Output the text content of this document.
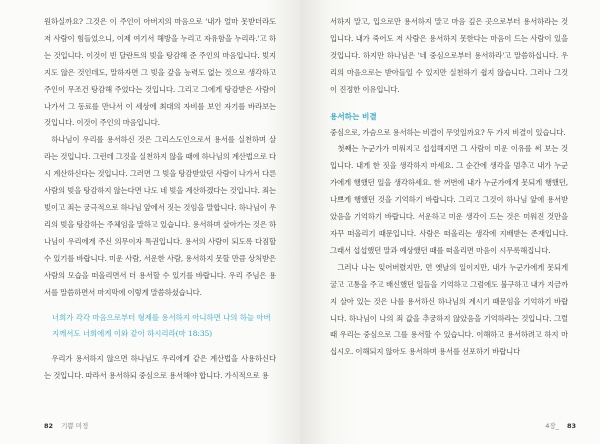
원하실까요? 그것은 이 주인이 아버지의 마음으로 '내가 얼마 못받더라도 저 사람이 힘들었으니, 이제 여기서 해방을 누리고 자유함을 누리라.'고 하는 것입니다. 이것이 빈 달란트의 빚을 탕감해 준 주인의 마음입니다. 빚지지도 않은 것인데도, 말하자면 그 빚을 갚을 능력도 없는 것으로 생각하고 주인이 무조건 탕감해 주었다는 것입니다. 그리고 그에게 탕감받은 사람이 나가서 그 동료를 만나서 이 세상에 최대의 자비를 보인 자기를 바라보는 것입니다. 이것이 주인의 마음입니다.

하나님이 우리를 용서하신 것은 그리스도인으로서 용서를 실천하며 살라는 것입니다. 그런데 그것을 실천하지 않을 때에 하나님의 계산법으로 다시 계산하신다는 것입니다. 그러면 그 빚을 탕감받았던 사람이 나가서 다른 사람의 빚을 탕감하지 않는다면 나도 네 빚을 계산하겠다는 것입니다. 죄는 빚이고 죄는 궁극적으로 하나님 앞에서 짓는 것임을 말합니다. 하나님이 우리의 빚을 탕감하는 주체임을 말하고 있습니다. 용서하며 살아가는 것은 하나님이 우리에게 주신 의무이자 특권입니다. 용서의 사람이 되도록 다짐할 수 있기를 바랍니다. 미운 사람, 서운한 사람, 용서하지 못할 만큼 상처받은 사람의 모습을 떠올리면서 더 용서할 수 있기를 바랍니다. 우리 주님은 용서를 말씀하면서 마지막에 이렇게 말씀하셨습니다.

너희가 각각 마음으로부터 형제를 용서하지 아니하면 나의 하늘 아버지께서도 너희에게 이와 같이 하시리라(마 18:35)

우리가 용서하지 않으면 하나님도 우리에게 같은 계산법을 사용하신다는 것입니다. 따라서 용서하되 중심으로 용서해야 합니다. 가식적으로 용

82 기쁨 미정

서하지 말고, 입으로만 용서하지 말고 마음 깊은 곳으로부터 용서하라는 것입니다. 내가 죽어도 저 사람은 용서하지 못한다는 마음이 드는 사람이 있을 것입니다. 하지만 하나님은 '네 중심으로부터 용서하라'고 말씀하십니다. 우리의 마음으로는 받아들일 수 있지만 실천하기 쉽지 않습니다. 그러나 그것이 진정한 이유입니다.

용서하는 비결

중심으로, 가슴으로 용서하는 비결이 무엇일까요? 두 가지 비결이 있습니다.

첫째는 누군가가 미워지고 섭섭해지면 그 사람이 미운 이유를 써 보는 것입니다. 내게 한 짓을 생각하지 마세요. 그 순간에 생각을 멈추고 내가 누군가에게 행했던 일을 생각하세요. 한 꺼번에 내가 누군가에게 못되게 행했던, 나쁘게 행했던 것을 기억하기 바랍니다. 그리고 그것이 하나님 앞에 용서받았음을 기억하기 바랍니다. 서운하고 미운 생각이 드는 것은 미워진 것만을 자꾸 떠올리기 때문입니다. 사람은 떠올리는 생각에 지배받는 존재입니다. 그래서 섭섭했던 말과 예상했던 때를 떠올리면 마음이 시무룩해집니다.

그러나 나는 잊어버렸지만, 먼 옛날의 일이지만, 내가 누군가에게 못되게 굴고 고통을 주고 배신했던 일들을 기억하고 그럼에도 불구하고 내가 지금까지 살아 있는 것은 나를 용서하신 하나님의 계시기 때문임을 기억하기 바랍니다. 하나님이 나의 죄 값을 추궁하지 않았음을 기억하라는 것입니다. 그럴 때 우리는 중심으로 그를 용서할 수 있습니다. 이해하고 용서하려고 하지 마십시오. 이해되지 않아도 용서하며 용서를 선포하기 바랍니다

4장_ 83
